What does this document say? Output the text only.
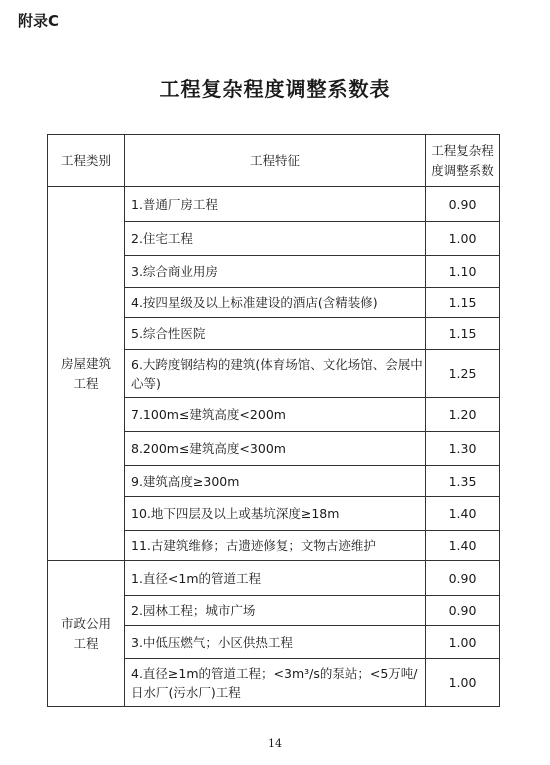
附录C
工程复杂程度调整系数表
工程类别	工程特征	工程复杂程度调整系数
房屋建筑工程	1.普通厂房工程	0.90
	2.住宅工程	1.00
	3.综合商业用房	1.10
	4.按四星级及以上标准建设的酒店(含精装修)	1.15
	5.综合性医院	1.15
	6.大跨度钢结构的建筑(体育场馆、文化场馆、会展中心等)	1.25
	7.100m≤建筑高度<200m	1.20
	8.200m≤建筑高度<300m	1.30
	9.建筑高度≥300m	1.35
	10.地下四层及以上或基坑深度≥18m	1.40
	11.古建筑维修；古遗迹修复；文物古迹维护	1.40
市政公用工程	1.直径<1m的管道工程	0.90
	2.园林工程；城市广场	0.90
	3.中低压燃气；小区供热工程	1.00
	4.直径≥1m的管道工程；<3m³/s的泵站；<5万吨/日水厂(污水厂)工程	1.00
14
